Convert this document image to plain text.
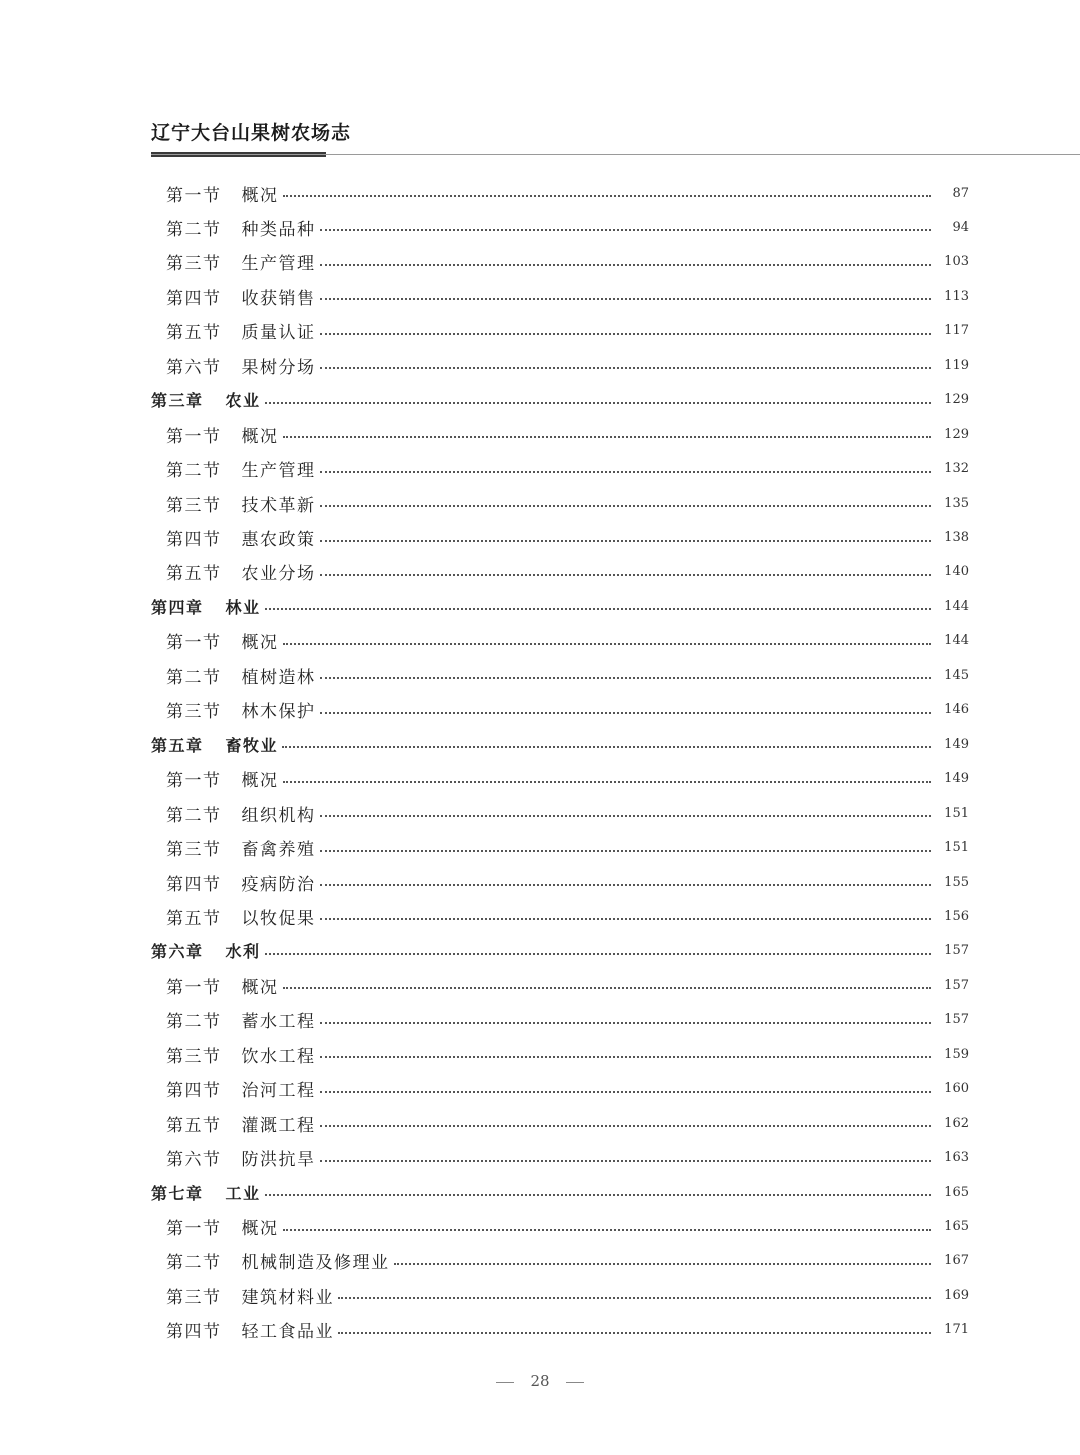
辽宁大台山果树农场志
第一节 概况	87
第二节 种类品种	94
第三节 生产管理	103
第四节 收获销售	113
第五节 质量认证	117
第六节 果树分场	119
第三章 农业	129
第一节 概况	129
第二节 生产管理	132
第三节 技术革新	135
第四节 惠农政策	138
第五节 农业分场	140
第四章 林业	144
第一节 概况	144
第二节 植树造林	145
第三节 林木保护	146
第五章 畜牧业	149
第一节 概况	149
第二节 组织机构	151
第三节 畜禽养殖	151
第四节 疫病防治	155
第五节 以牧促果	156
第六章 水利	157
第一节 概况	157
第二节 蓄水工程	157
第三节 饮水工程	159
第四节 治河工程	160
第五节 灌溉工程	162
第六节 防洪抗旱	163
第七章 工业	165
第一节 概况	165
第二节 机械制造及修理业	167
第三节 建筑材料业	169
第四节 轻工食品业	171
28
